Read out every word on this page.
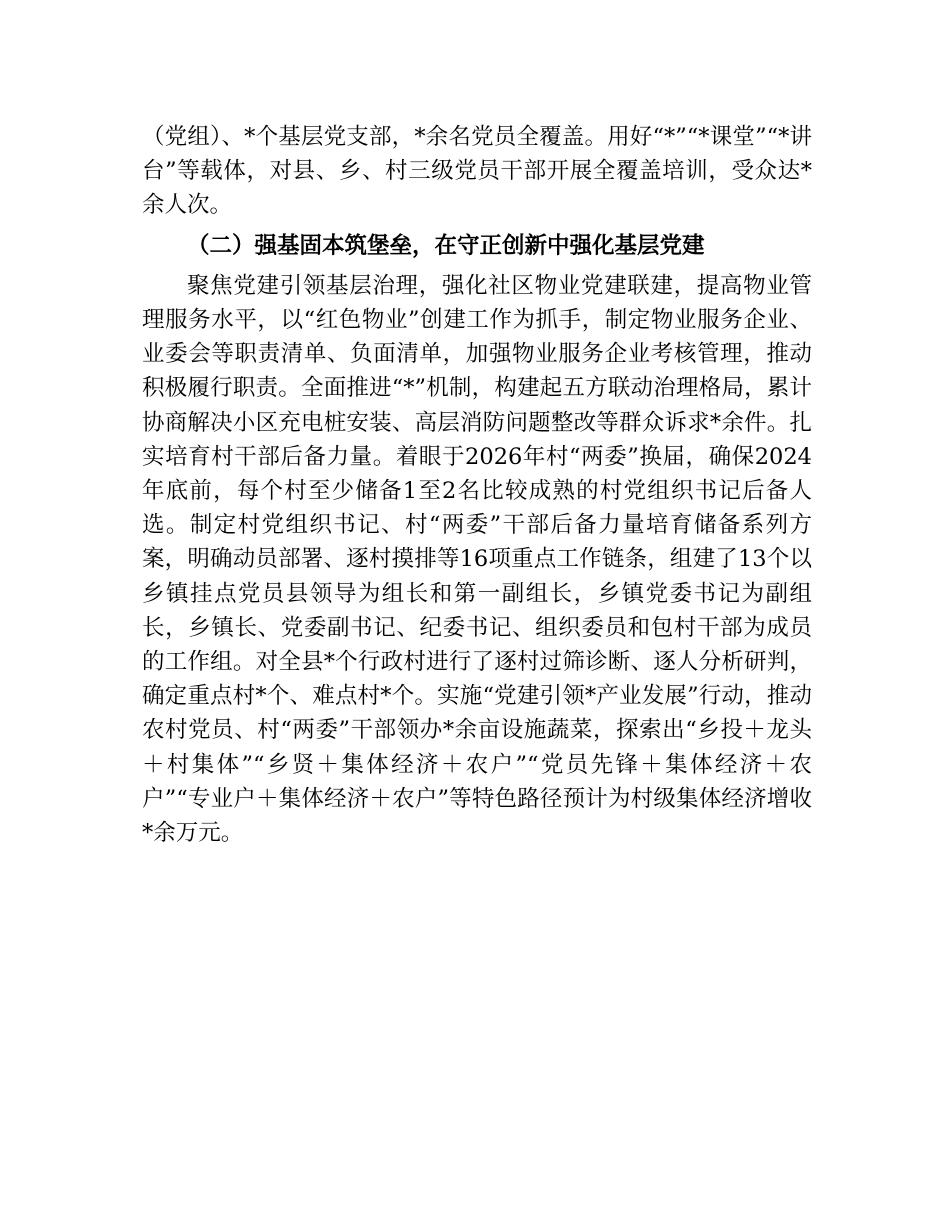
（党组）、*个基层党支部，*余名党员全覆盖。用好“*”“*课堂”“*讲台”等载体，对县、乡、村三级党员干部开展全覆盖培训，受众达*余人次。

（二）强基固本筑堡垒，在守正创新中强化基层党建

聚焦党建引领基层治理，强化社区物业党建联建，提高物业管理服务水平，以“红色物业”创建工作为抓手，制定物业服务企业、业委会等职责清单、负面清单，加强物业服务企业考核管理，推动积极履行职责。全面推进“*”机制，构建起五方联动治理格局，累计协商解决小区充电桩安装、高层消防问题整改等群众诉求*余件。扎实培育村干部后备力量。着眼于2026年村“两委”换届，确保2024年底前，每个村至少储备1至2名比较成熟的村党组织书记后备人选。制定村党组织书记、村“两委”干部后备力量培育储备系列方案，明确动员部署、逐村摸排等16项重点工作链条，组建了13个以乡镇挂点党员县领导为组长和第一副组长，乡镇党委书记为副组长，乡镇长、党委副书记、纪委书记、组织委员和包村干部为成员的工作组。对全县*个行政村进行了逐村过筛诊断、逐人分析研判，确定重点村*个、难点村*个。实施“党建引领*产业发展”行动，推动农村党员、村“两委”干部领办*余亩设施蔬菜，探索出“乡投＋龙头＋村集体”“乡贤＋集体经济＋农户”“党员先锋＋集体经济＋农户”“专业户＋集体经济＋农户”等特色路径预计为村级集体经济增收*余万元。
